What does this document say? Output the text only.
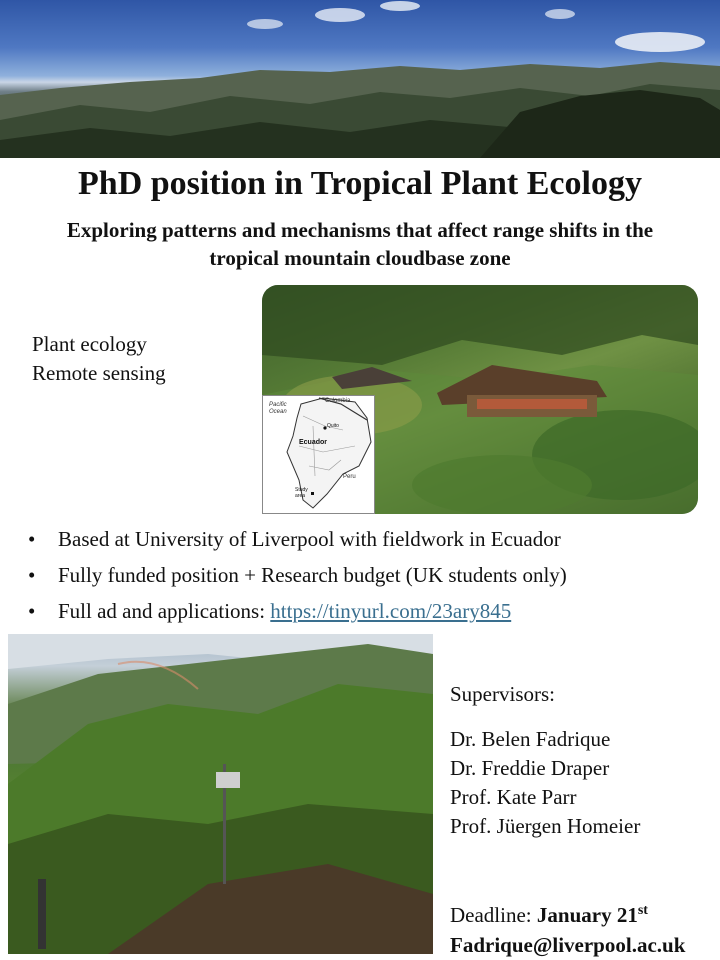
PhD position in Tropical Plant Ecology
Exploring patterns and mechanisms that affect range shifts in the
tropical mountain cloudbase zone
Plant ecology
Remote sensing
Pacific
Ocean
Colombia
Quito
Ecuador
Peru
Study
area
• Based at University of Liverpool with fieldwork in Ecuador
• Fully funded position + Research budget (UK students only)
• Full ad and applications: https://tinyurl.com/23ary845
Supervisors:
Dr. Belen Fadrique
Dr. Freddie Draper
Prof. Kate Parr
Prof. Jüergen Homeier
Deadline: January 21st
Fadrique@liverpool.ac.uk
